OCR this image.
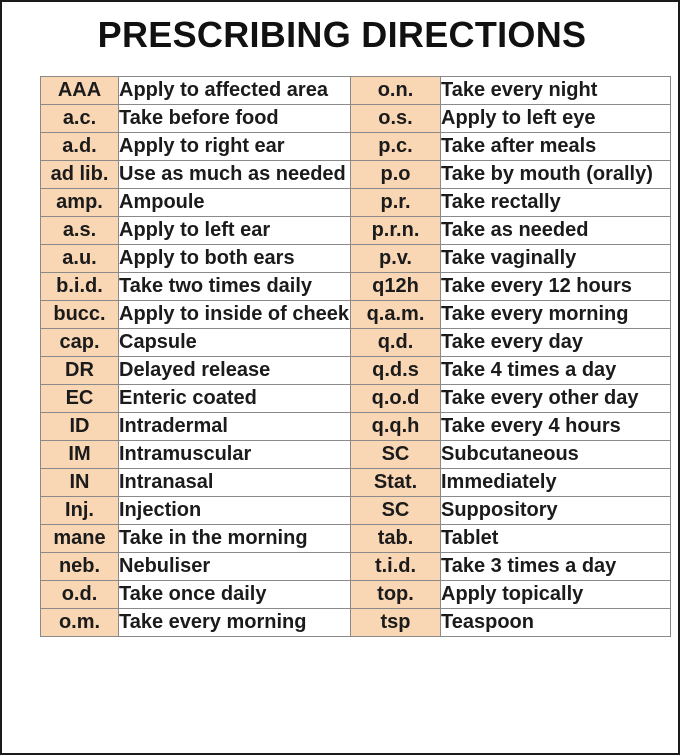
PRESCRIBING DIRECTIONS
AAA	Apply to affected area	o.n.	Take every night
a.c.	Take before food	o.s.	Apply to left eye
a.d.	Apply to right ear	p.c.	Take after meals
ad lib.	Use as much as needed	p.o	Take by mouth (orally)
amp.	Ampoule	p.r.	Take rectally
a.s.	Apply to left ear	p.r.n.	Take as needed
a.u.	Apply to both ears	p.v.	Take vaginally
b.i.d.	Take two times daily	q12h	Take every 12 hours
bucc.	Apply to inside of cheek	q.a.m.	Take every morning
cap.	Capsule	q.d.	Take every day
DR	Delayed release	q.d.s	Take 4 times a day
EC	Enteric coated	q.o.d	Take every other day
ID	Intradermal	q.q.h	Take every 4 hours
IM	Intramuscular	SC	Subcutaneous
IN	Intranasal	Stat.	Immediately
Inj.	Injection	SC	Suppository
mane	Take in the morning	tab.	Tablet
neb.	Nebuliser	t.i.d.	Take 3 times a day
o.d.	Take once daily	top.	Apply topically
o.m.	Take every morning	tsp	Teaspoon
